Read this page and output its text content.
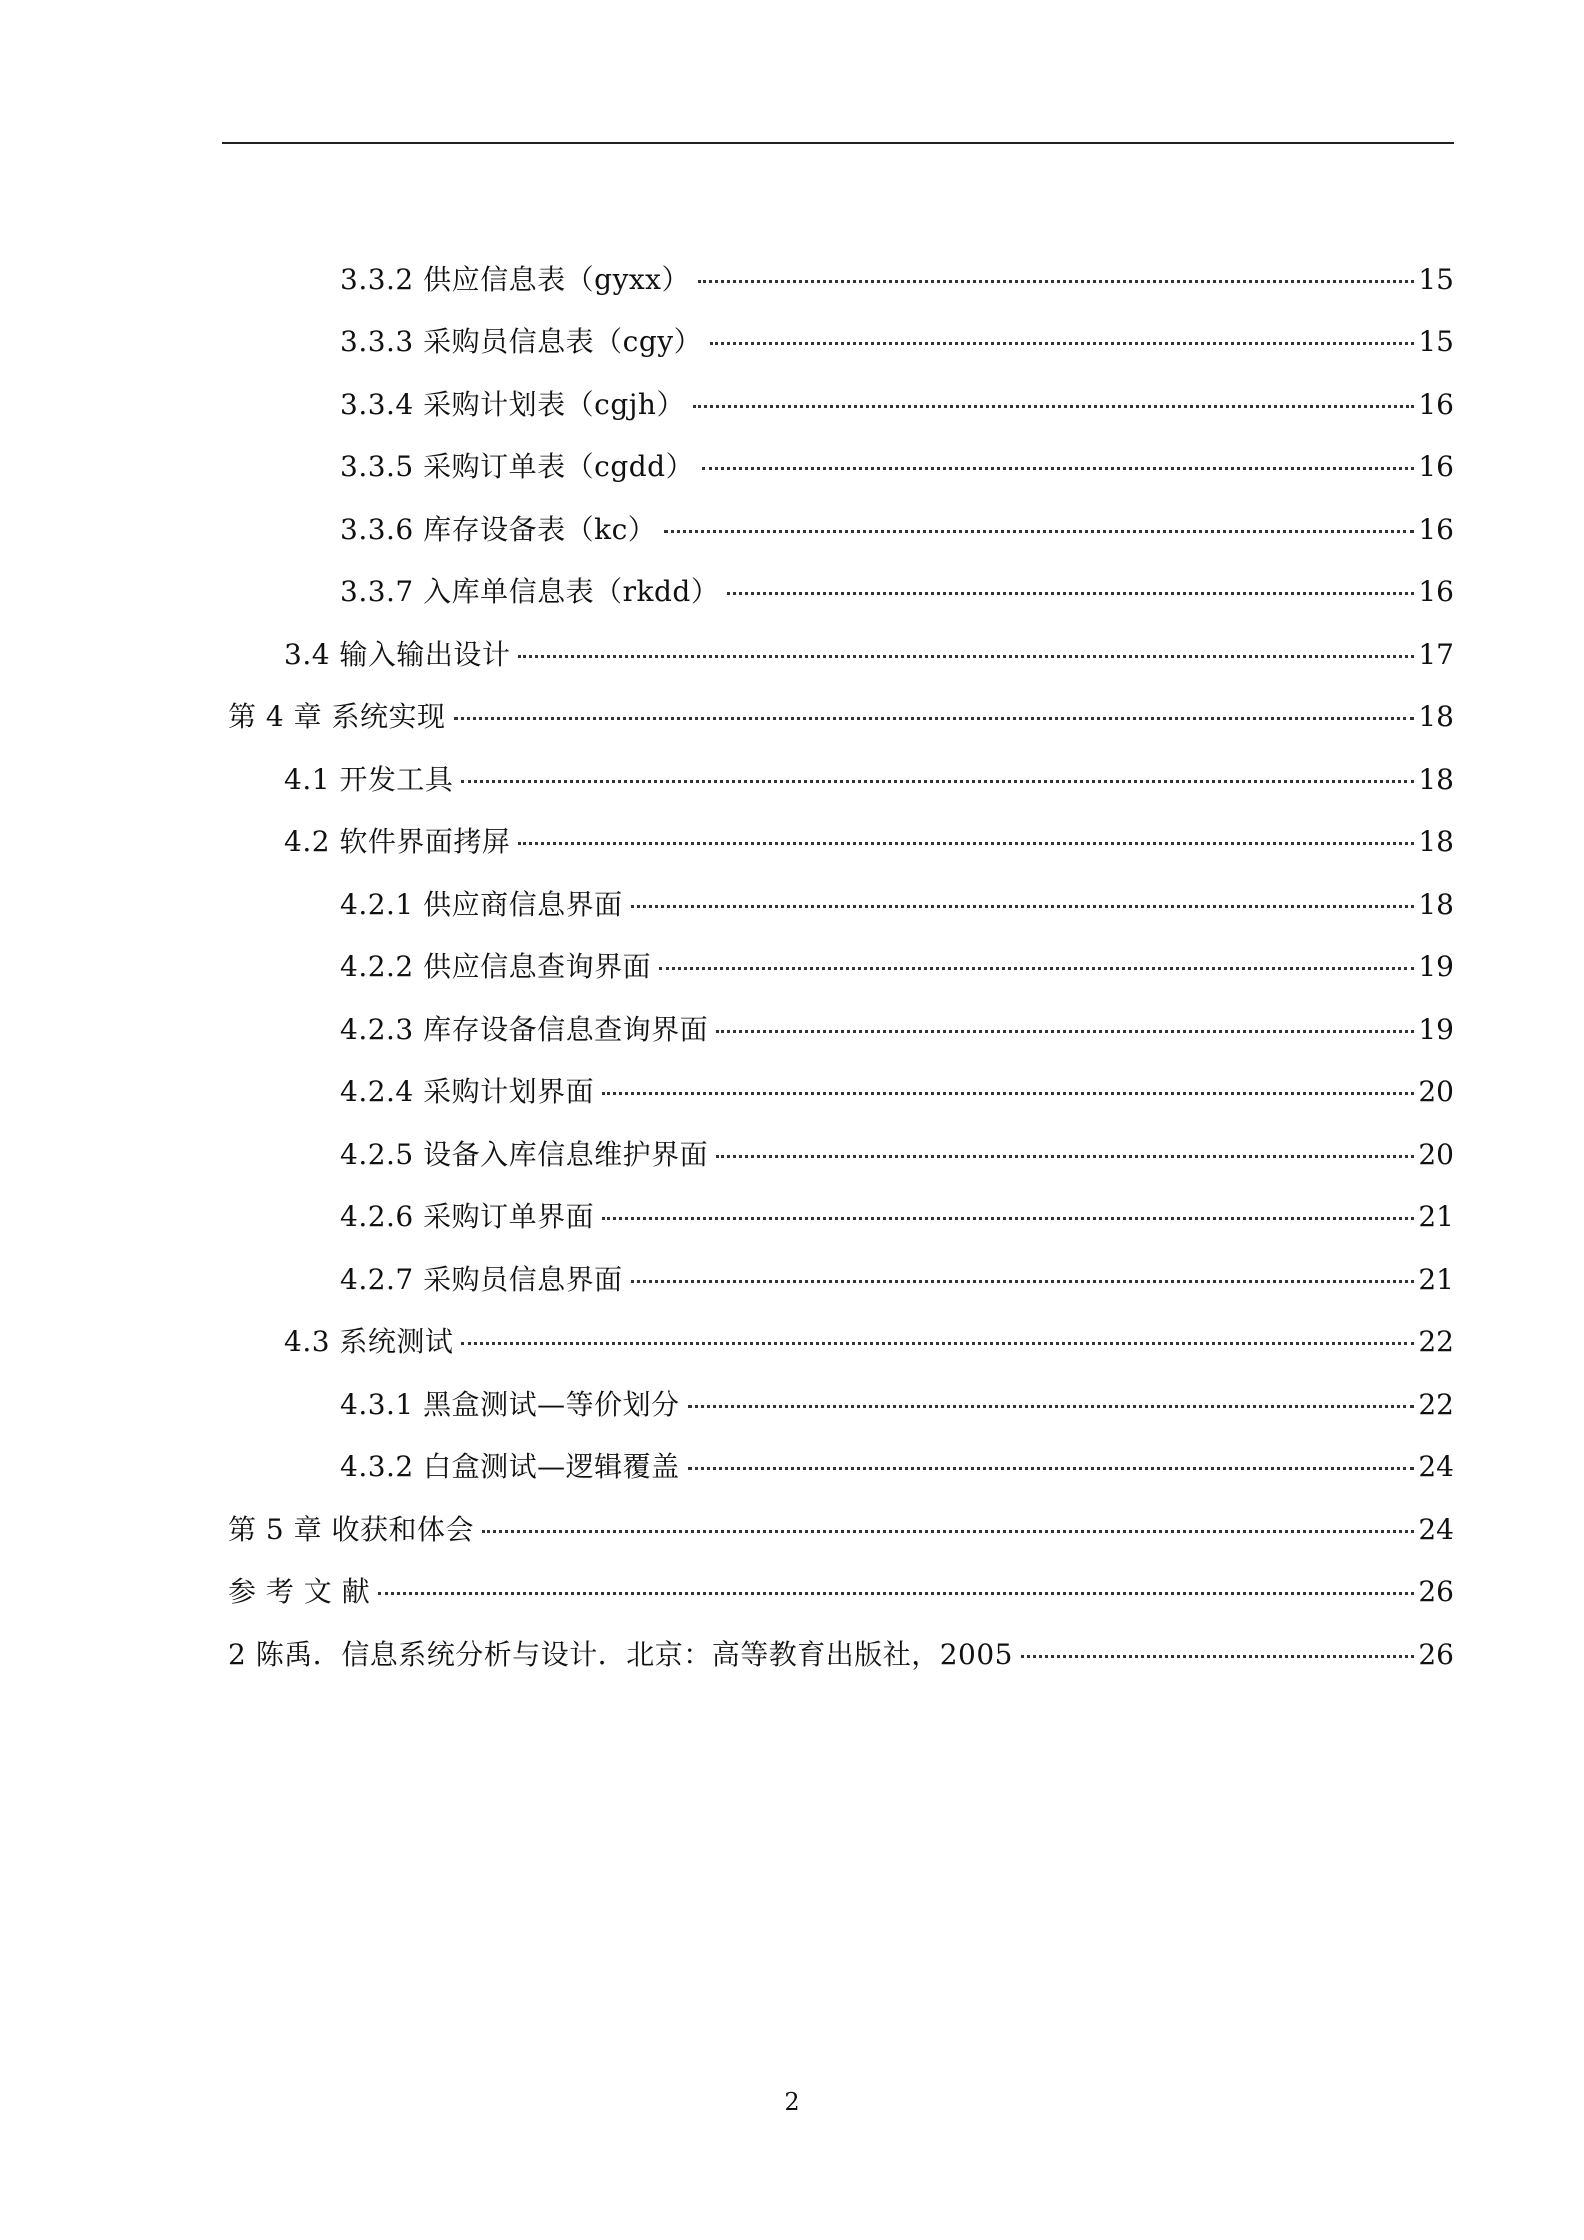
3.3.2 供应信息表（gyxx）	15
3.3.3 采购员信息表（cgy）	15
3.3.4 采购计划表（cgjh）	16
3.3.5 采购订单表（cgdd）	16
3.3.6 库存设备表（kc）	16
3.3.7 入库单信息表（rkdd）	16
3.4 输入输出设计	17
第 4 章 系统实现	18
4.1 开发工具	18
4.2 软件界面拷屏	18
4.2.1 供应商信息界面	18
4.2.2 供应信息查询界面	19
4.2.3 库存设备信息查询界面	19
4.2.4 采购计划界面	20
4.2.5 设备入库信息维护界面	20
4.2.6 采购订单界面	21
4.2.7 采购员信息界面	21
4.3 系统测试	22
4.3.1 黑盒测试—等价划分	22
4.3.2 白盒测试—逻辑覆盖	24
第 5 章 收获和体会	24
参 考 文 献	26
2 陈禹．信息系统分析与设计．北京：高等教育出版社，2005	26
2
